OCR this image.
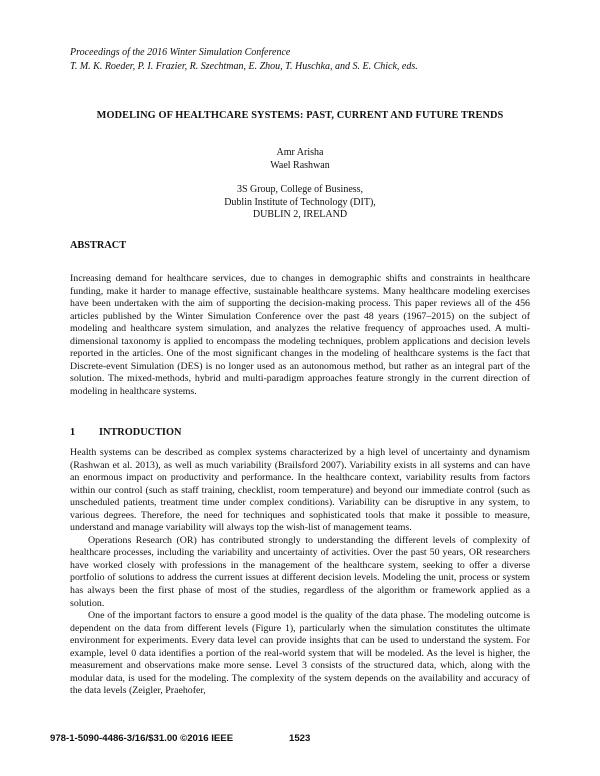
Proceedings of the 2016 Winter Simulation Conference
T. M. K. Roeder, P. I. Frazier, R. Szechtman, E. Zhou, T. Huschka, and S. E. Chick, eds.
MODELING OF HEALTHCARE SYSTEMS: PAST, CURRENT AND FUTURE TRENDS
Amr Arisha
Wael Rashwan
3S Group, College of Business,
Dublin Institute of Technology (DIT),
DUBLIN 2, IRELAND
ABSTRACT

Increasing demand for healthcare services, due to changes in demographic shifts and constraints in healthcare funding, make it harder to manage effective, sustainable healthcare systems. Many healthcare modeling exercises have been undertaken with the aim of supporting the decision-making process. This paper reviews all of the 456 articles published by the Winter Simulation Conference over the past 48 years (1967–2015) on the subject of modeling and healthcare system simulation, and analyzes the relative frequency of approaches used. A multi-dimensional taxonomy is applied to encompass the modeling techniques, problem applications and decision levels reported in the articles. One of the most significant changes in the modeling of healthcare systems is the fact that Discrete-event Simulation (DES) is no longer used as an autonomous method, but rather as an integral part of the solution. The mixed-methods, hybrid and multi-paradigm approaches feature strongly in the current direction of modeling in healthcare systems.

1 INTRODUCTION

Health systems can be described as complex systems characterized by a high level of uncertainty and dynamism (Rashwan et al. 2013), as well as much variability (Brailsford 2007). Variability exists in all systems and can have an enormous impact on productivity and performance. In the healthcare context, variability results from factors within our control (such as staff training, checklist, room temperature) and beyond our immediate control (such as unscheduled patients, treatment time under complex conditions). Variability can be disruptive in any system, to various degrees. Therefore, the need for techniques and sophisticated tools that make it possible to measure, understand and manage variability will always top the wish-list of management teams.

Operations Research (OR) has contributed strongly to understanding the different levels of complexity of healthcare processes, including the variability and uncertainty of activities. Over the past 50 years, OR researchers have worked closely with professions in the management of the healthcare system, seeking to offer a diverse portfolio of solutions to address the current issues at different decision levels. Modeling the unit, process or system has always been the first phase of most of the studies, regardless of the algorithm or framework applied as a solution.

One of the important factors to ensure a good model is the quality of the data phase. The modeling outcome is dependent on the data from different levels (Figure 1), particularly when the simulation constitutes the ultimate environment for experiments. Every data level can provide insights that can be used to understand the system. For example, level 0 data identifies a portion of the real-world system that will be modeled. As the level is higher, the measurement and observations make more sense. Level 3 consists of the structured data, which, along with the modular data, is used for the modeling. The complexity of the system depends on the availability and accuracy of the data levels (Zeigler, Praehofer,

978-1-5090-4486-3/16/$31.00 ©2016 IEEE	1523
